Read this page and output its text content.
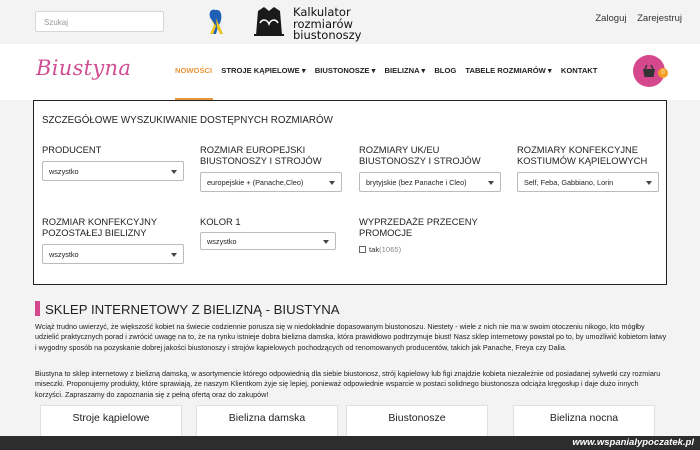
Szukaj
Kalkulator
rozmiarów
biustonoszy
Zaloguj Zarejestruj
Biustyna	NOWOŚCI STROJE KĄPIELOWE ▾ BIUSTONOSZE ▾ BIELIZNA ▾ BLOG TABELE ROZMIARÓW ▾ KONTAKT	0
SZCZEGÓŁOWE WYSZUKIWANIE DOSTĘPNYCH ROZMIARÓW
PRODUCENT
wszystko
ROZMIAR EUROPEJSKI
BIUSTONOSZY I STROJÓW
europejskie + (Panache,Cleo)
ROZMIARY UK/EU
BIUSTONOSZY I STROJÓW
brytyjskie (bez Panache i Cleo)
ROZMIARY KONFEKCYJNE
KOSTIUMÓW KĄPIELOWYCH
Self, Feba, Gabbiano, Lorin
ROZMIAR KONFEKCYJNY
POZOSTAŁEJ BIELIZNY
wszystko
KOLOR 1
wszystko
WYPRZEDAŻE PRZECENY
PROMOCJE
tak(1065)
SKLEP INTERNETOWY Z BIELIZNĄ - BIUSTYNA
Wciąż trudno uwierzyć, że większość kobiet na świecie codziennie porusza się w niedokładnie dopasowanym biustonoszu. Niestety - wiele z nich nie ma w swoim otoczeniu nikogo, kto mógłby udzielić praktycznych porad i zwrócić uwagę na to, że na rynku istnieje dobra bielizna damska, która prawidłowo podtrzymuje biust! Nasz sklep internetowy powstał po to, by umożliwić kobietom łatwy i wygodny sposób na pozyskanie dobrej jakości biustonoszy i strojów kąpielowych pochodzących od renomowanych producentów, takich jak Panache, Freya czy Dalia.
Biustyna to sklep internetowy z bielizną damską, w asortymencie którego odpowiednią dla siebie biustonosz, strój kąpielowy lub figi znajdzie kobieta niezależnie od posiadanej sylwetki czy rozmiaru miseczki. Proponujemy produkty, które sprawiają, że naszym Klientkom żyje się lepiej, ponieważ odpowiednie wsparcie w postaci solidnego biustonosza odciąża kręgosłup i daje dużo innych korzyści. Zapraszamy do zapoznania się z pełną ofertą oraz do zakupów!
Stroje kąpielowe	Bielizna damska	Biustonosze	Bielizna nocna
www.wspanialypoczatek.pl
